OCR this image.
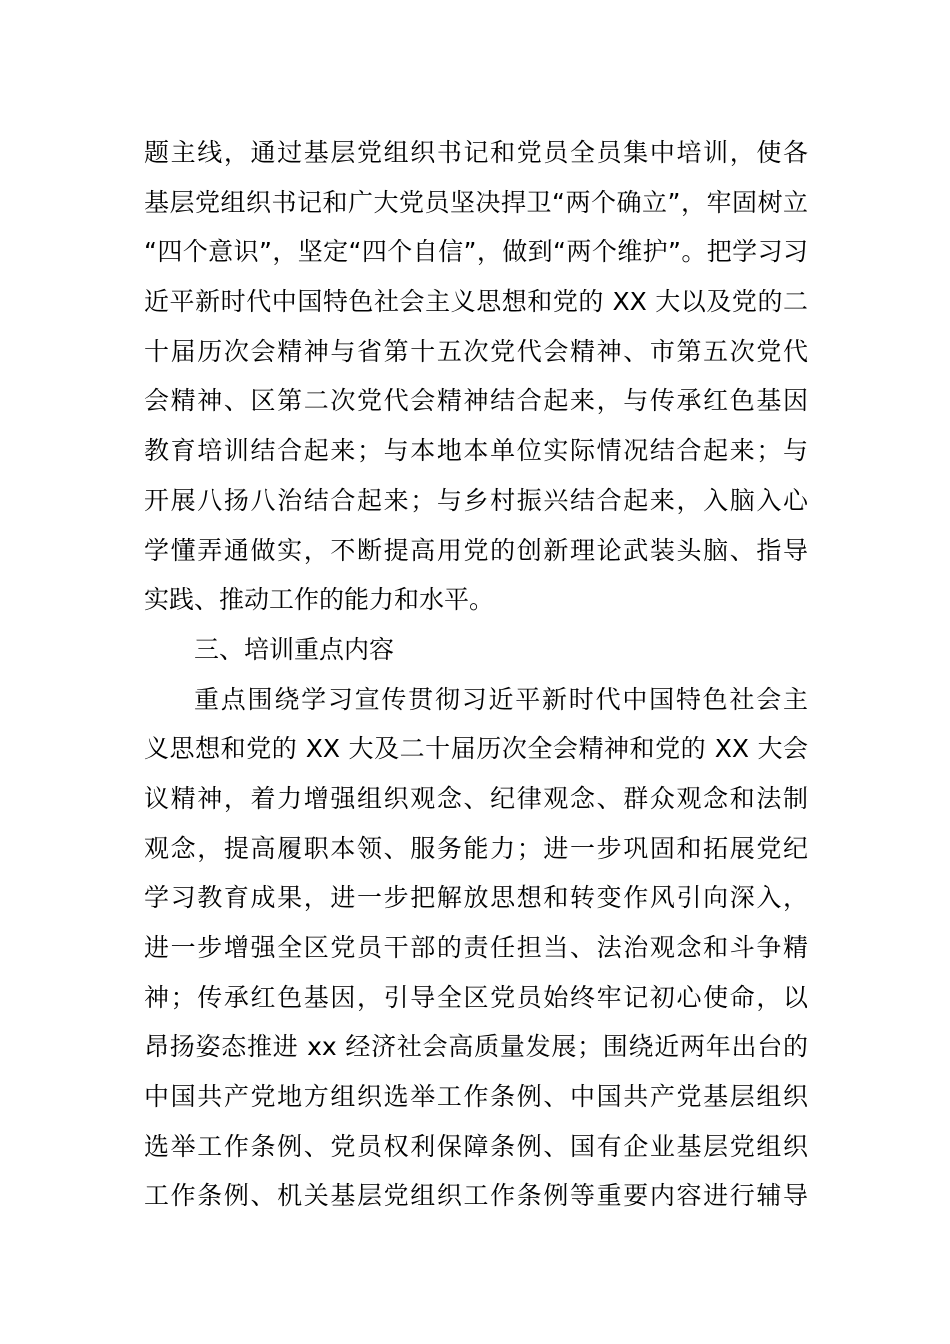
题主线，通过基层党组织书记和党员全员集中培训，使各
基层党组织书记和广大党员坚决捍卫“两个确立”，牢固树立
“四个意识”，坚定“四个自信”，做到“两个维护”。把学习习
近平新时代中国特色社会主义思想和党的 XX 大以及党的二
十届历次会精神与省第十五次党代会精神、市第五次党代
会精神、区第二次党代会精神结合起来，与传承红色基因
教育培训结合起来；与本地本单位实际情况结合起来；与
开展八扬八治结合起来；与乡村振兴结合起来，入脑入心
学懂弄通做实，不断提高用党的创新理论武装头脑、指导
实践、推动工作的能力和水平。
三、培训重点内容
重点围绕学习宣传贯彻习近平新时代中国特色社会主
义思想和党的 XX 大及二十届历次全会精神和党的 XX 大会
议精神，着力增强组织观念、纪律观念、群众观念和法制
观念，提高履职本领、服务能力；进一步巩固和拓展党纪
学习教育成果，进一步把解放思想和转变作风引向深入，
进一步增强全区党员干部的责任担当、法治观念和斗争精
神；传承红色基因，引导全区党员始终牢记初心使命，以
昂扬姿态推进 xx 经济社会高质量发展；围绕近两年出台的
中国共产党地方组织选举工作条例、中国共产党基层组织
选举工作条例、党员权利保障条例、国有企业基层党组织
工作条例、机关基层党组织工作条例等重要内容进行辅导
